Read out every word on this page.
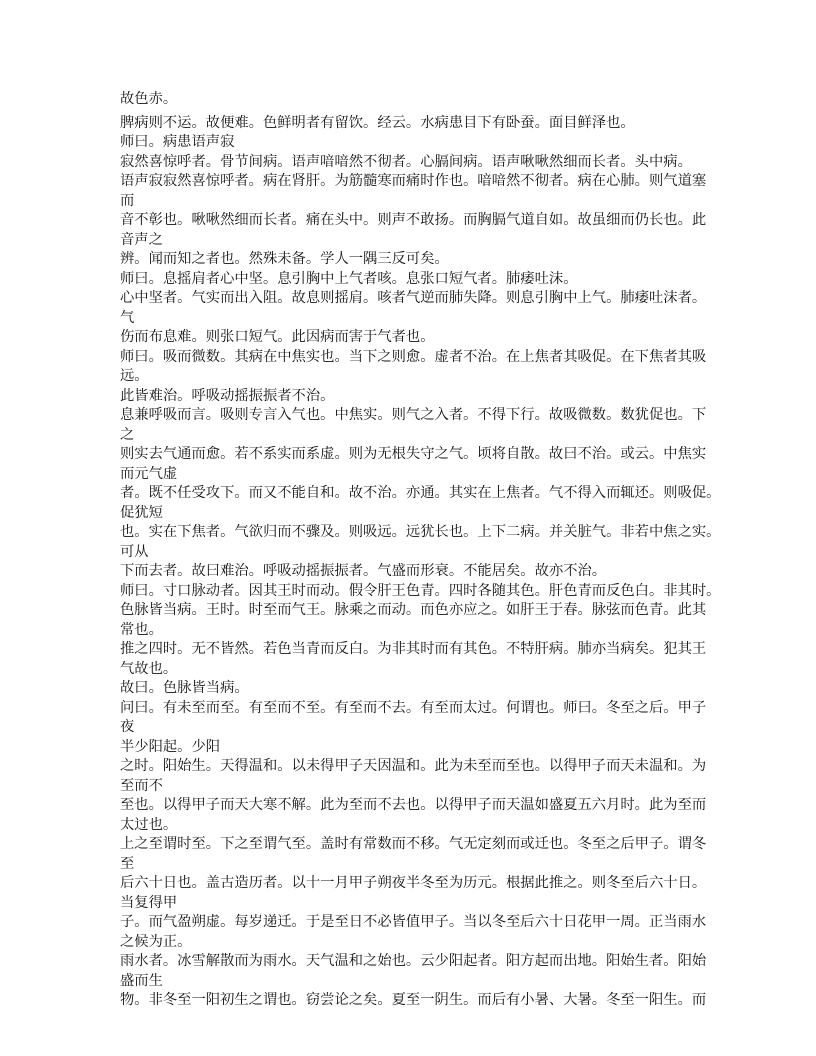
故色赤。
脾病则不运。故便难。色鲜明者有留饮。经云。水病患目下有卧蚕。面目鲜泽也。
师曰。病患语声寂
寂然喜惊呼者。骨节间病。语声喑喑然不彻者。心膈间病。语声啾啾然细而长者。头中病。
语声寂寂然喜惊呼者。病在肾肝。为筋髓寒而痛时作也。喑喑然不彻者。病在心肺。则气道塞
而
音不彰也。啾啾然细而长者。痛在头中。则声不敢扬。而胸膈气道自如。故虽细而仍长也。此
音声之
辨。闻而知之者也。然殊未备。学人一隅三反可矣。
师曰。息摇肩者心中坚。息引胸中上气者咳。息张口短气者。肺痿吐沫。
心中坚者。气实而出入阻。故息则摇肩。咳者气逆而肺失降。则息引胸中上气。肺痿吐沫者。
气
伤而布息难。则张口短气。此因病而害于气者也。
师曰。吸而微数。其病在中焦实也。当下之则愈。虚者不治。在上焦者其吸促。在下焦者其吸
远。
此皆难治。呼吸动摇振振者不治。
息兼呼吸而言。吸则专言入气也。中焦实。则气之入者。不得下行。故吸微数。数犹促也。下
之
则实去气通而愈。若不系实而系虚。则为无根失守之气。顷将自散。故曰不治。或云。中焦实
而元气虚
者。既不任受攻下。而又不能自和。故不治。亦通。其实在上焦者。气不得入而辄还。则吸促。
促犹短
也。实在下焦者。气欲归而不骤及。则吸远。远犹长也。上下二病。并关脏气。非若中焦之实。
可从
下而去者。故曰难治。呼吸动摇振振者。气盛而形衰。不能居矣。故亦不治。
师曰。寸口脉动者。因其王时而动。假令肝王色青。四时各随其色。肝色青而反色白。非其时。
色脉皆当病。王时。时至而气王。脉乘之而动。而色亦应之。如肝王于春。脉弦而色青。此其
常也。
推之四时。无不皆然。若色当青而反白。为非其时而有其色。不特肝病。肺亦当病矣。犯其王
气故也。
故曰。色脉皆当病。
问曰。有未至而至。有至而不至。有至而不去。有至而太过。何谓也。师曰。冬至之后。甲子
夜
半少阳起。少阳
之时。阳始生。天得温和。以未得甲子天因温和。此为未至而至也。以得甲子而天未温和。为
至而不
至也。以得甲子而天大寒不解。此为至而不去也。以得甲子而天温如盛夏五六月时。此为至而
太过也。
上之至谓时至。下之至谓气至。盖时有常数而不移。气无定刻而或迁也。冬至之后甲子。谓冬
至
后六十日也。盖古造历者。以十一月甲子朔夜半冬至为历元。根据此推之。则冬至后六十日。
当复得甲
子。而气盈朔虚。每岁递迁。于是至日不必皆值甲子。当以冬至后六十日花甲一周。正当雨水
之候为正。
雨水者。冰雪解散而为雨水。天气温和之始也。云少阳起者。阳方起而出地。阳始生者。阳始
盛而生
物。非冬至一阳初生之谓也。窃尝论之矣。夏至一阴生。而后有小暑、大暑。冬至一阳生。而
